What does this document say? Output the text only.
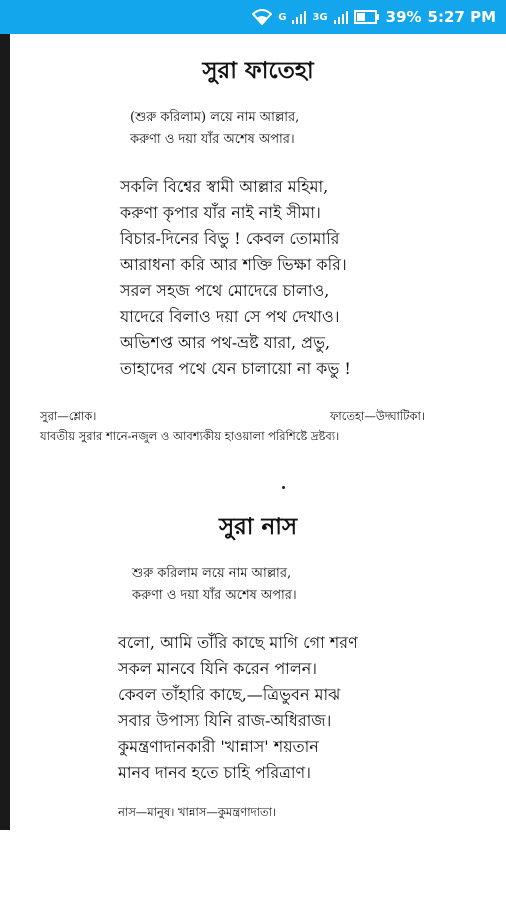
G	3G	39% 5:27 PM
সুরা ফাতেহা
(শুরু করিলাম) লয়ে নাম আল্লার,
করুণা ও দয়া যাঁর অশেষ অপার।
সকলি বিশ্বের স্বামী আল্লার মহিমা,
করুণা কৃপার যাঁর নাই নাই সীমা।
বিচার-দিনের বিভু ! কেবল তোমারি
আরাধনা করি আর শক্তি ভিক্ষা করি।
সরল সহজ পথে মোদেরে চালাও,
যাদেরে বিলাও দয়া সে পথ দেখাও।
অভিশপ্ত আর পথ-ভ্রষ্ট যারা, প্রভু,
তাহাদের পথে যেন চালায়ো না কভু !
সুরা—শ্লোক।	ফাতেহা—উদ্ঘাটিকা।
যাবতীয় সুরার শানে-নজুল ও আবশ্যকীয় হাওয়ালা পরিশিষ্টে দ্রষ্টব্য।
সুরা নাস
শুরু করিলাম লয়ে নাম আল্লার,
করুণা ও দয়া যাঁর অশেষ অপার।
বলো, আমি তাঁরি কাছে মাগি গো শরণ
সকল মানবে যিনি করেন পালন।
কেবল তাঁহারি কাছে,—ত্রিভুবন মাঝ
সবার উপাস্য যিনি রাজ-অধিরাজ।
কুমন্ত্রণাদানকারী 'খান্নাস' শয়তান
মানব দানব হতে চাহি পরিত্রাণ।
নাস—মানুষ। খান্নাস—কুমন্ত্রণাদাতা।
